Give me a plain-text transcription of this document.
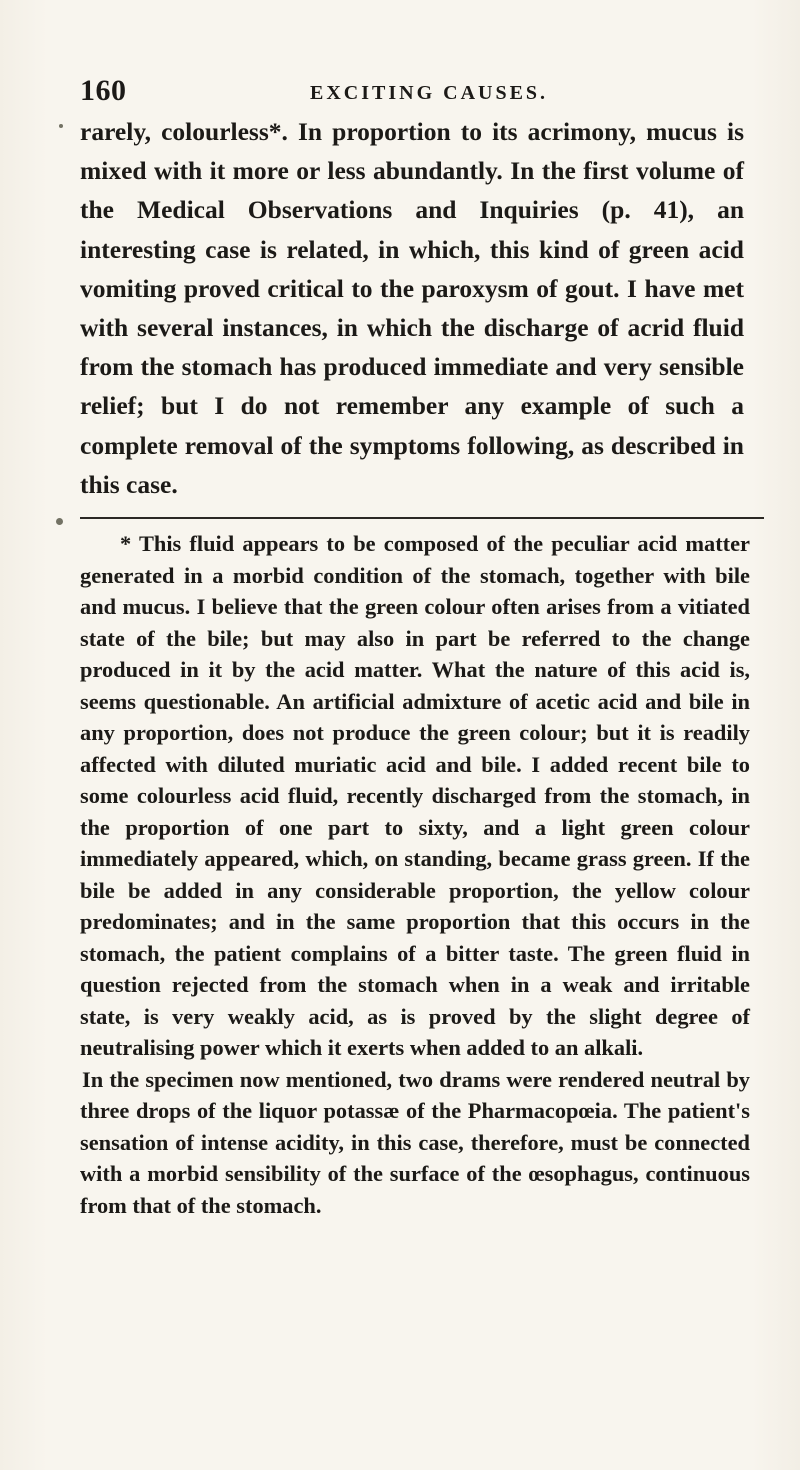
160	EXCITING CAUSES.

rarely, colourless*. In proportion to its acrimony, mucus is mixed with it more or less abundantly. In the first volume of the Medical Observations and Inquiries (p. 41), an interesting case is related, in which, this kind of green acid vomiting proved critical to the paroxysm of gout. I have met with several instances, in which the discharge of acrid fluid from the stomach has produced immediate and very sensible relief; but I do not remember any example of such a complete removal of the symptoms following, as described in this case.

* This fluid appears to be composed of the peculiar acid matter generated in a morbid condition of the stomach, together with bile and mucus. I believe that the green colour often arises from a vitiated state of the bile; but may also in part be referred to the change produced in it by the acid matter. What the nature of this acid is, seems questionable. An artificial admixture of acetic acid and bile in any proportion, does not produce the green colour; but it is readily affected with diluted muriatic acid and bile. I added recent bile to some colourless acid fluid, recently discharged from the stomach, in the proportion of one part to sixty, and a light green colour immediately appeared, which, on standing, became grass green. If the bile be added in any considerable proportion, the yellow colour predominates; and in the same proportion that this occurs in the stomach, the patient complains of a bitter taste. The green fluid in question rejected from the stomach when in a weak and irritable state, is very weakly acid, as is proved by the slight degree of neutralising power which it exerts when added to an alkali.

In the specimen now mentioned, two drams were rendered neutral by three drops of the liquor potassæ of the Pharmacopœia. The patient's sensation of intense acidity, in this case, therefore, must be connected with a morbid sensibility of the surface of the œsophagus, continuous from that of the stomach.
